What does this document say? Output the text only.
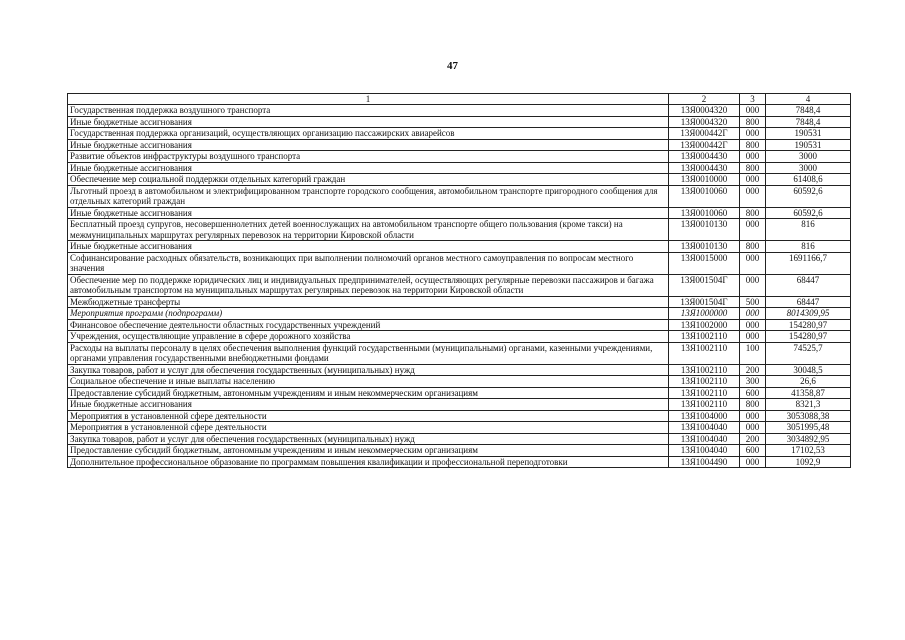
47
1	2	3	4
Государственная поддержка воздушного транспорта	13Я0004320	000	7848,4
Иные бюджетные ассигнования	13Я0004320	800	7848,4
Государственная поддержка организаций, осуществляющих организацию пассажирских авиарейсов	13Я000442Г	000	190531
Иные бюджетные ассигнования	13Я000442Г	800	190531
Развитие объектов инфраструктуры воздушного транспорта	13Я0004430	000	3000
Иные бюджетные ассигнования	13Я0004430	800	3000
Обеспечение мер социальной поддержки отдельных категорий граждан	13Я0010000	000	61408,6
Льготный проезд в автомобильном и электрифицированном транспорте городского сообщения, автомобильном транспорте пригородного сообщения для отдельных категорий граждан	13Я0010060	000	60592,6
Иные бюджетные ассигнования	13Я0010060	800	60592,6
Бесплатный проезд супругов, несовершеннолетних детей военнослужащих на автомобильном транспорте общего пользования (кроме такси) на межмуниципальных маршрутах регулярных перевозок на территории Кировской области	13Я0010130	000	816
Иные бюджетные ассигнования	13Я0010130	800	816
Софинансирование расходных обязательств, возникающих при выполнении полномочий органов местного самоуправления по вопросам местного значения	13Я0015000	000	1691166,7
Обеспечение мер по поддержке юридических лиц и индивидуальных предпринимателей, осуществляющих регулярные перевозки пассажиров и багажа автомобильным транспортом на муниципальных маршрутах регулярных перевозок на территории Кировской области	13Я001504Г	000	68447
Межбюджетные трансферты	13Я001504Г	500	68447
Мероприятия программ (подпрограмм)	13Я1000000	000	8014309,95
Финансовое обеспечение деятельности областных государственных учреждений	13Я1002000	000	154280,97
Учреждения, осуществляющие управление в сфере дорожного хозяйства	13Я1002110	000	154280,97
Расходы на выплаты персоналу в целях обеспечения выполнения функций государственными (муниципальными) органами, казенными учреждениями, органами управления государственными внебюджетными фондами	13Я1002110	100	74525,7
Закупка товаров, работ и услуг для обеспечения государственных (муниципальных) нужд	13Я1002110	200	30048,5
Социальное обеспечение и иные выплаты населению	13Я1002110	300	26,6
Предоставление субсидий бюджетным, автономным учреждениям и иным некоммерческим организациям	13Я1002110	600	41358,87
Иные бюджетные ассигнования	13Я1002110	800	8321,3
Мероприятия в установленной сфере деятельности	13Я1004000	000	3053088,38
Мероприятия в установленной сфере деятельности	13Я1004040	000	3051995,48
Закупка товаров, работ и услуг для обеспечения государственных (муниципальных) нужд	13Я1004040	200	3034892,95
Предоставление субсидий бюджетным, автономным учреждениям и иным некоммерческим организациям	13Я1004040	600	17102,53
Дополнительное профессиональное образование по программам повышения квалификации и профессиональной переподготовки	13Я1004490	000	1092,9
